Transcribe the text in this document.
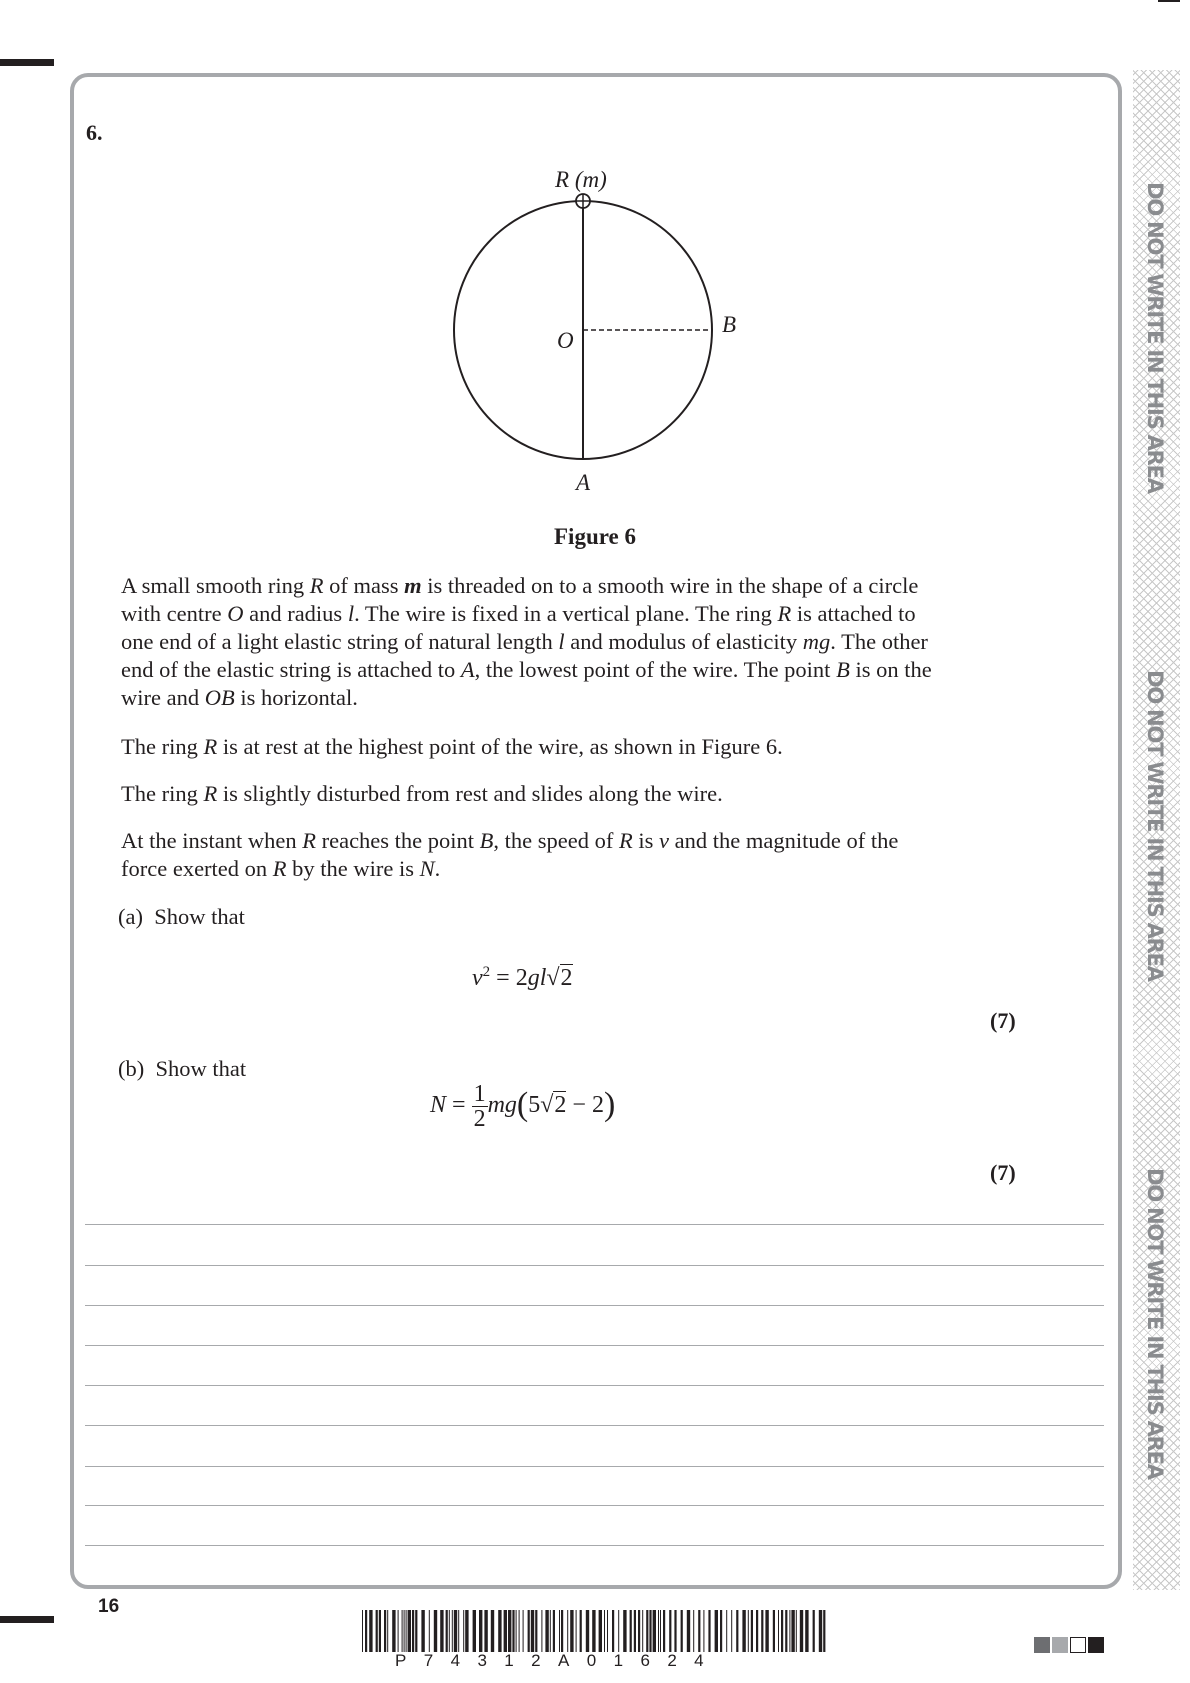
DO NOT WRITE IN THIS AREA
DO NOT WRITE IN THIS AREA
DO NOT WRITE IN THIS AREA
6.
R (m)
O
B
A
Figure 6
A small smooth ring R of mass m is threaded on to a smooth wire in the shape of a circle
with centre O and radius l. The wire is fixed in a vertical plane. The ring R is attached to
one end of a light elastic string of natural length l and modulus of elasticity mg. The other
end of the elastic string is attached to A, the lowest point of the wire. The point B is on the
wire and OB is horizontal.
The ring R is at rest at the highest point of the wire, as shown in Figure 6.
The ring R is slightly disturbed from rest and slides along the wire.
At the instant when R reaches the point B, the speed of R is v and the magnitude of the
force exerted on R by the wire is N.
(a) Show that
$v^2 = 2gl√2$
(7)
(b) Show that
$N = \frac{1}{2} mg(5√2 - 2)$
(7)
16
P74312A01624
